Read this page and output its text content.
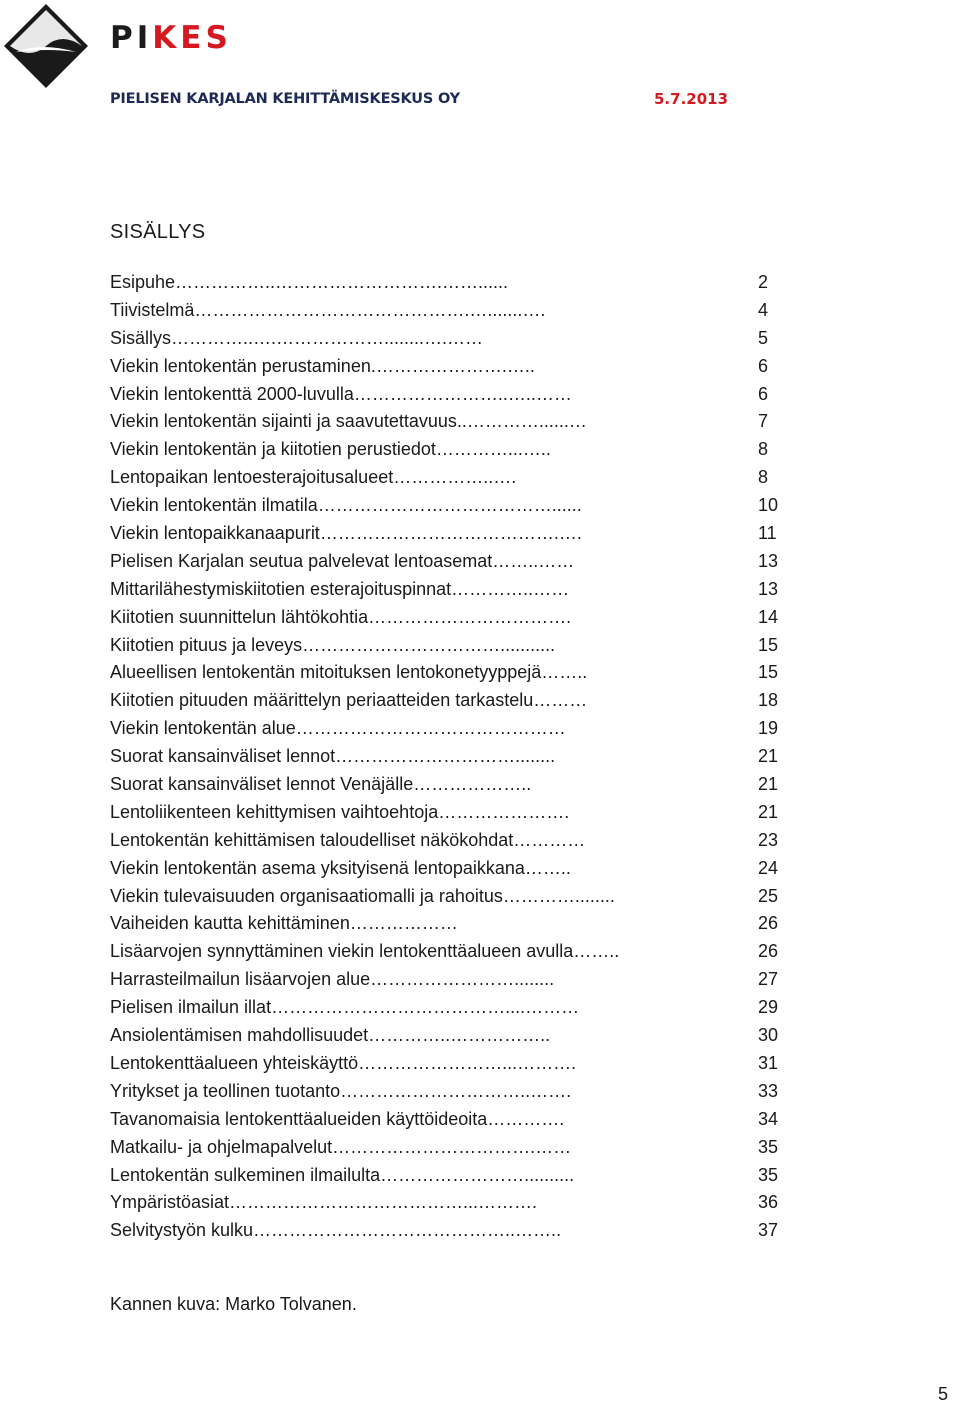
PIKES
PIELISEN KARJALAN KEHITTÄMISKESKUS OY	5.7.2013
SISÄLLYS
Esipuhe……………..……………………….……......	2
Tiivistelmä……………………………………….….......….	4
Sisällys…………..….………………........….……	5
Viekin lentokentän perustaminen.………………….…..	6
Viekin lentokenttä 2000-luvulla……………………..…..……	6
Viekin lentokentän sijainti ja saavutettavuus..…………......…	7
Viekin lentokentän ja kiitotien perustiedot…………...…..	8
Lentopaikan lentoesterajoitusalueet……………..….	8
Viekin lentokentän ilmatila…………………………………......	10
Viekin lentopaikkanaapurit………………………………….….	11
Pielisen Karjalan seutua palvelevat lentoasemat……..……	13
Mittarilähestymiskiitotien esterajoituspinnat…………..……	13
Kiitotien suunnittelun lähtökohtia…………………………….	14
Kiitotien pituus ja leveys……………………………...........	15
Alueellisen lentokentän mitoituksen lentokonetyyppejä……..	15
Kiitotien pituuden määrittelyn periaatteiden tarkastelu………	18
Viekin lentokentän alue………………………………………	19
Suorat kansainväliset lennot…………………………........	21
Suorat kansainväliset lennot Venäjälle………………..	21
Lentoliikenteen kehittymisen vaihtoehtoja………………….	21
Lentokentän kehittämisen taloudelliset näkökohdat…………	23
Viekin lentokentän asema yksityisenä lentopaikkana……..	24
Viekin tulevaisuuden organisaatiomalli ja rahoitus…………........	25
Vaiheiden kautta kehittäminen………………	26
Lisäarvojen synnyttäminen viekin lentokenttäalueen avulla……..	26
Harrasteilmailun lisäarvojen alue……………………........	27
Pielisen ilmailun illat…………………………………....………	29
Ansiolentämisen mahdollisuudet…………..……………..	30
Lentokenttäalueen yhteiskäyttö……………………...……….	31
Yritykset ja teollinen tuotanto…………………………..…….	33
Tavanomaisia lentokenttäalueiden käyttöideoita………….	34
Matkailu- ja ohjelmapalvelut…………………………….……	35
Lentokentän sulkeminen ilmailulta……………………..........	35
Ympäristöasiat…………………………………...……….	36
Selvitystyön kulku……………………………………..……..	37
Kannen kuva: Marko Tolvanen.
5
